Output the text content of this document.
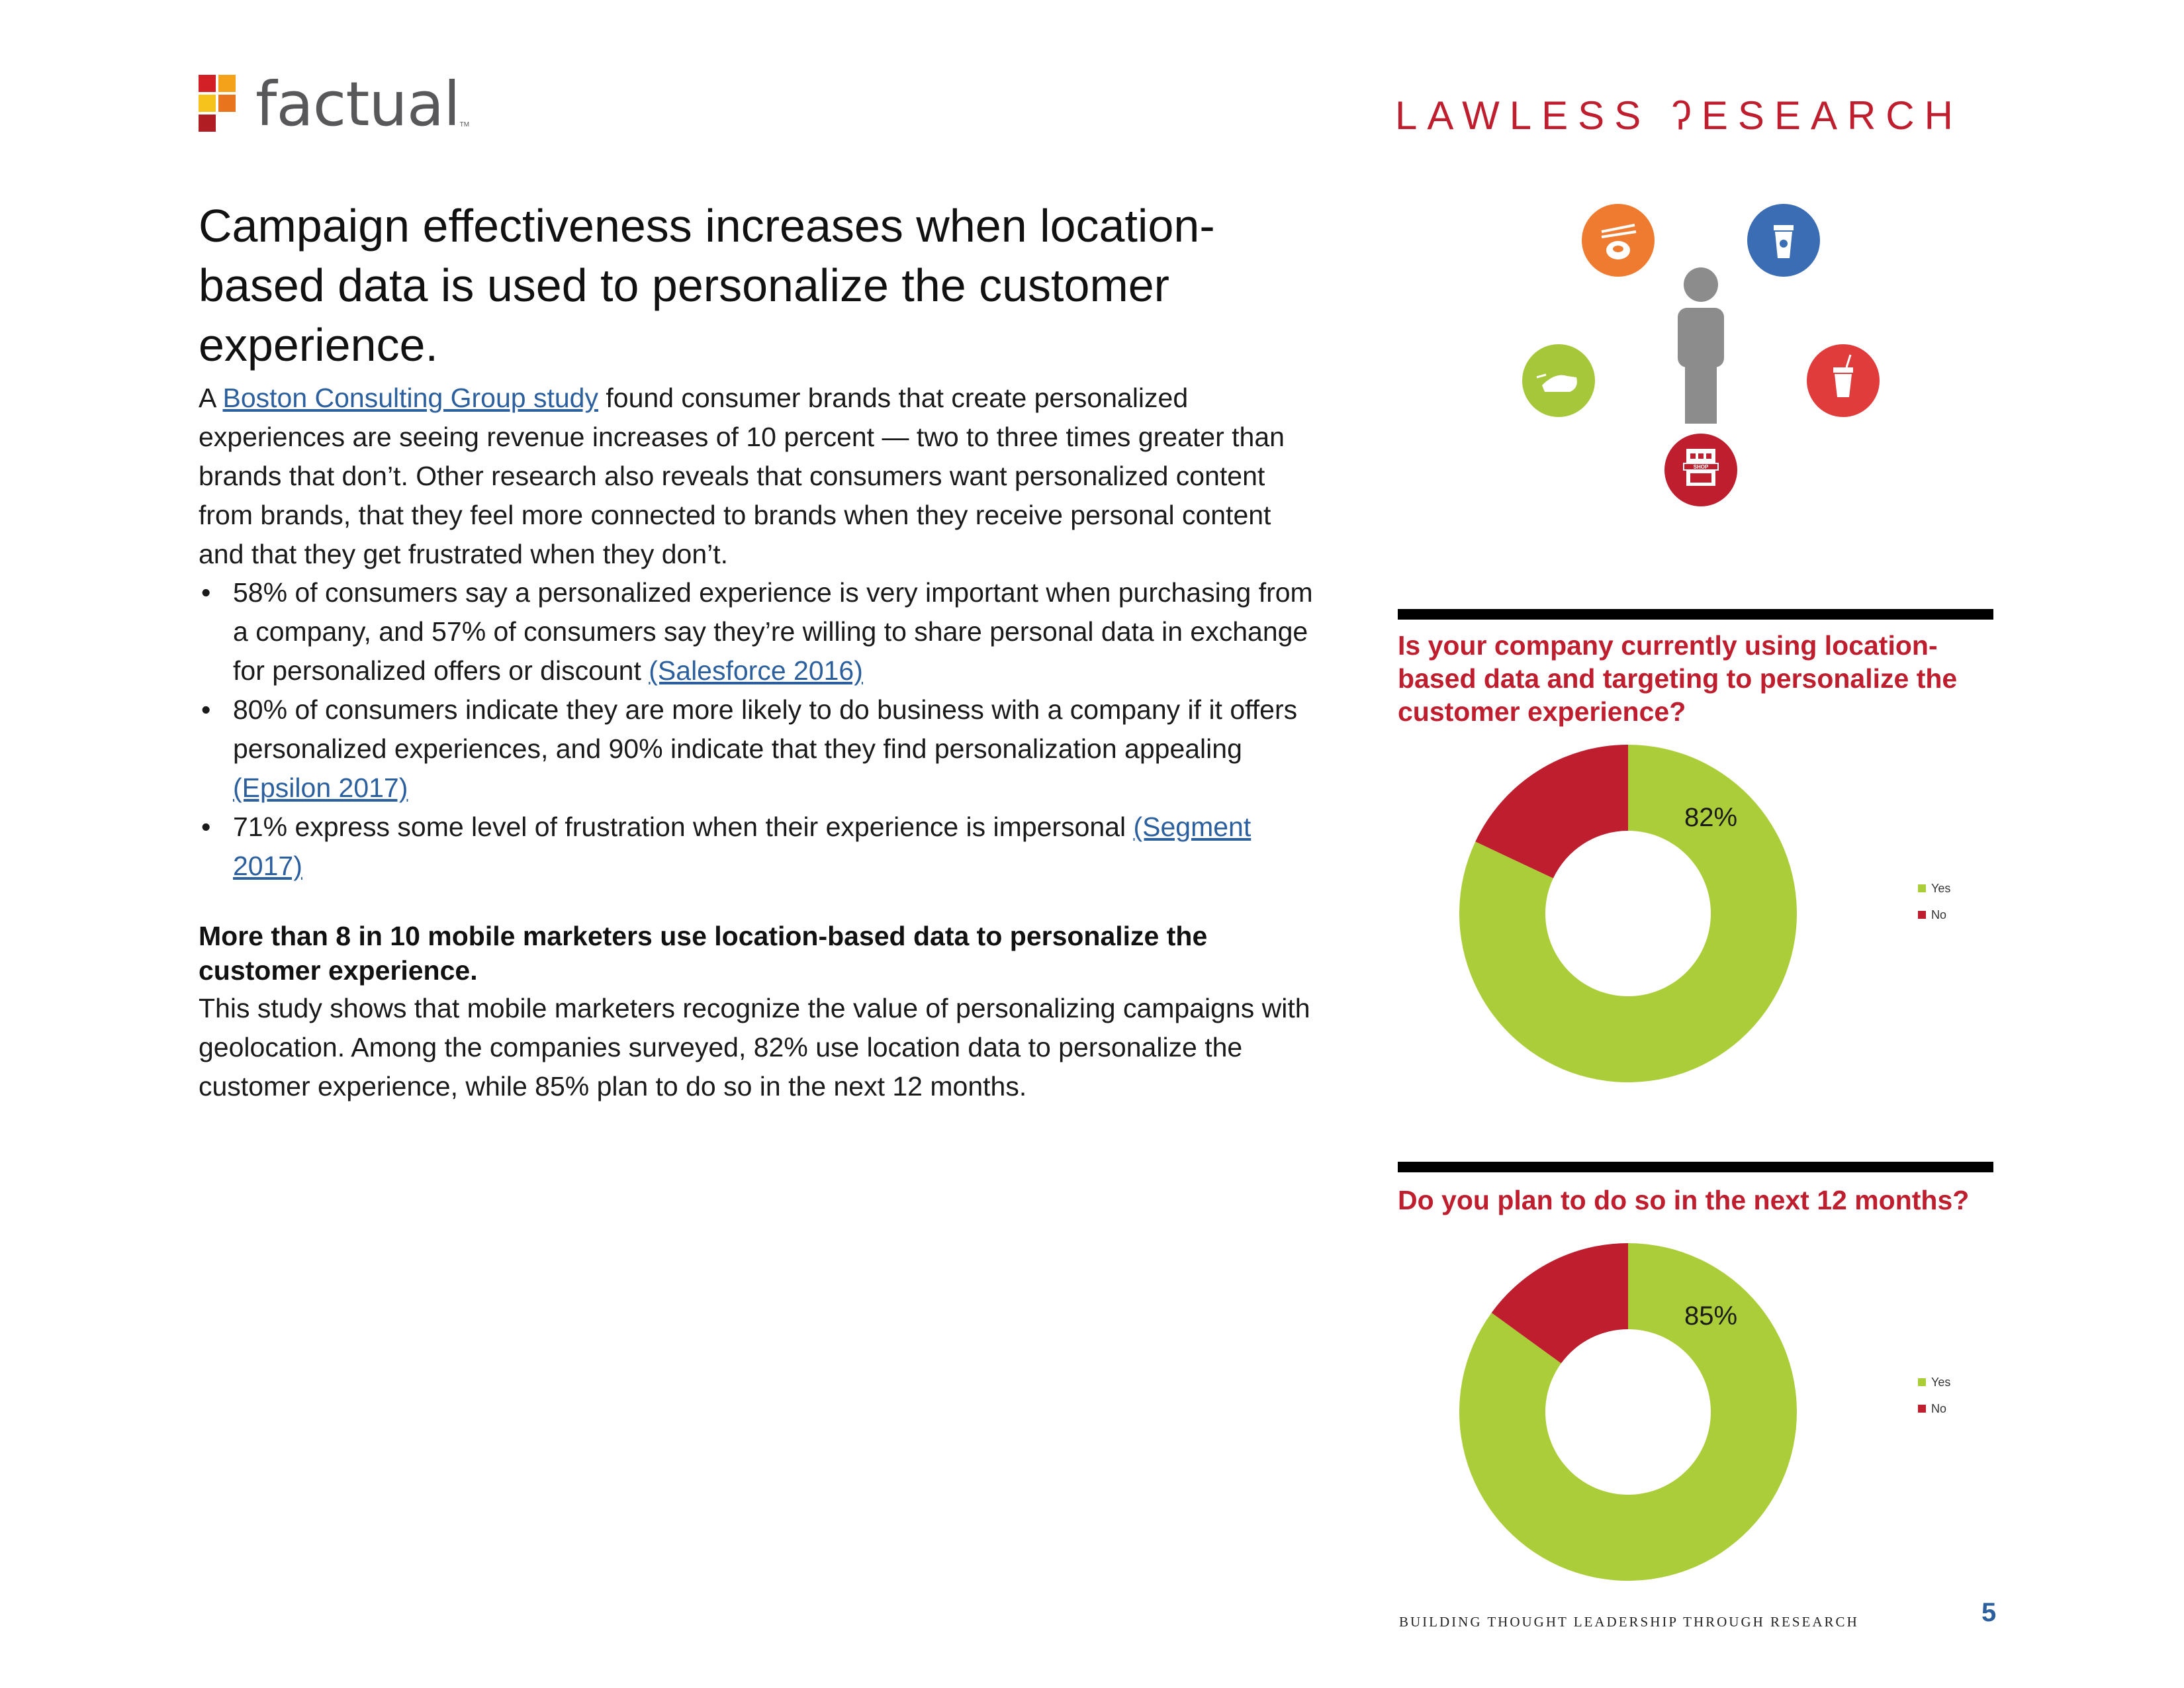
factual TM	LAWLESS ʔESEARCH
Campaign effectiveness increases when location-based data is used to personalize the customer experience.
A Boston Consulting Group study found consumer brands that create personalized experiences are seeing revenue increases of 10 percent — two to three times greater than brands that don’t. Other research also reveals that consumers want personalized content from brands, that they feel more connected to brands when they receive personal content and that they get frustrated when they don’t.
• 58% of consumers say a personalized experience is very important when purchasing from a company, and 57% of consumers say they’re willing to share personal data in exchange for personalized offers or discount (Salesforce 2016)
• 80% of consumers indicate they are more likely to do business with a company if it offers personalized experiences, and 90% indicate that they find personalization appealing (Epsilon 2017)
• 71% express some level of frustration when their experience is impersonal (Segment 2017)
More than 8 in 10 mobile marketers use location-based data to personalize the customer experience.
This study shows that mobile marketers recognize the value of personalizing campaigns with geolocation. Among the companies surveyed, 82% use location data to personalize the customer experience, while 85% plan to do so in the next 12 months.
SHOP
Is your company currently using location-based data and targeting to personalize the customer experience?
82%
Yes
No
Do you plan to do so in the next 12 months?
85%
Yes
No
BUILDING THOUGHT LEADERSHIP THROUGH RESEARCH	5
